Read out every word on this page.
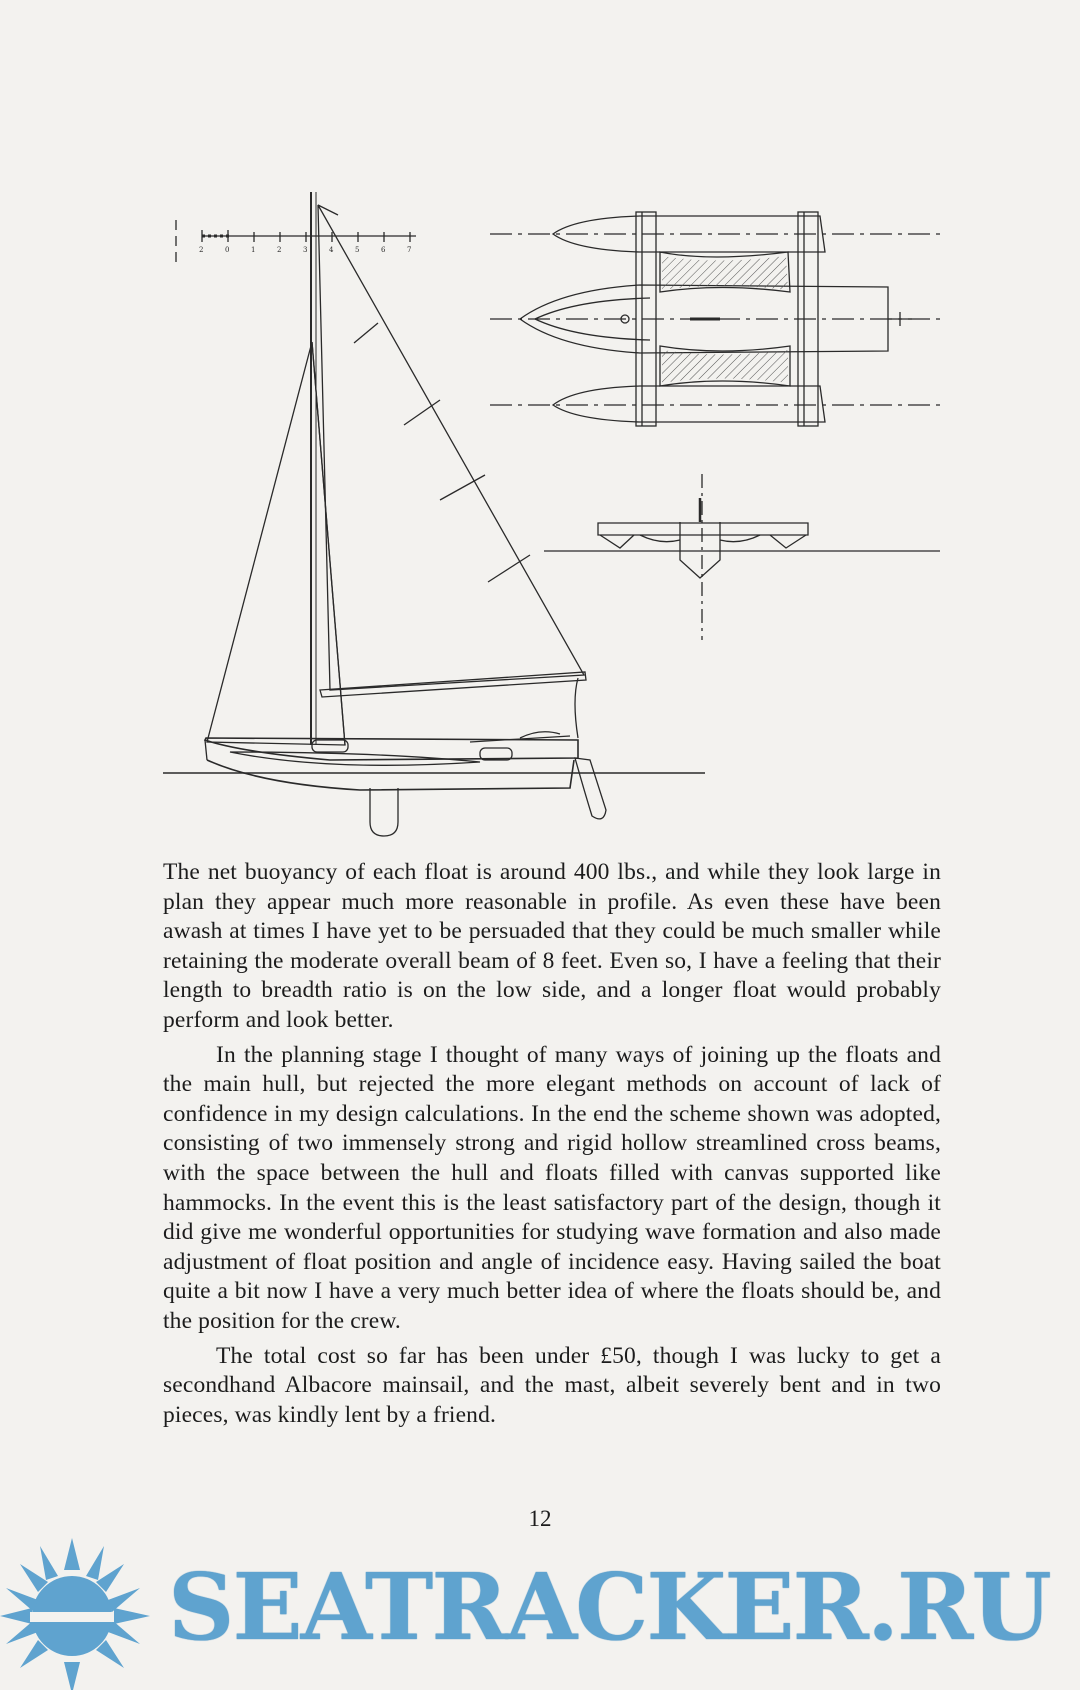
2	0	1	2	3	4	5	6	7

The net buoyancy of each float is around 400 lbs., and while they look large in plan they appear much more reasonable in profile. As even these have been awash at times I have yet to be persuaded that they could be much smaller while retaining the moderate overall beam of 8 feet. Even so, I have a feeling that their length to breadth ratio is on the low side, and a longer float would probably perform and look better.

In the planning stage I thought of many ways of joining up the floats and the main hull, but rejected the more elegant methods on account of lack of confidence in my design calculations. In the end the scheme shown was adopted, consisting of two immensely strong and rigid hollow streamlined cross beams, with the space between the hull and floats filled with canvas supported like hammocks. In the event this is the least satisfactory part of the design, though it did give me wonderful opportunities for studying wave formation and also made adjustment of float position and angle of incidence easy. Having sailed the boat quite a bit now I have a very much better idea of where the floats should be, and the position for the crew.

The total cost so far has been under £50, though I was lucky to get a secondhand Albacore mainsail, and the mast, albeit severely bent and in two pieces, was kindly lent by a friend.

12
SEATRACKER.RU
